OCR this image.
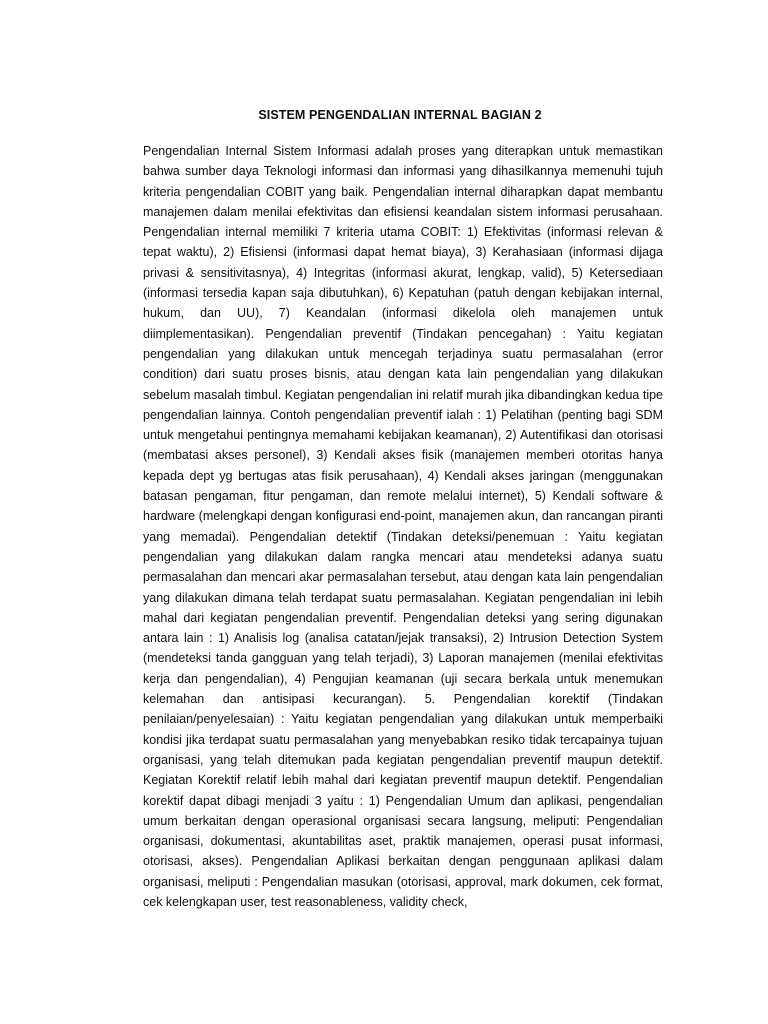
SISTEM PENGENDALIAN INTERNAL BAGIAN 2

Pengendalian Internal Sistem Informasi adalah proses yang diterapkan untuk memastikan bahwa sumber daya Teknologi informasi dan informasi yang dihasilkannya memenuhi tujuh kriteria pengendalian COBIT yang baik. Pengendalian internal diharapkan dapat membantu manajemen dalam menilai efektivitas dan efisiensi keandalan sistem informasi perusahaan. Pengendalian internal memiliki 7 kriteria utama COBIT: 1) Efektivitas (informasi relevan & tepat waktu), 2) Efisiensi (informasi dapat hemat biaya), 3) Kerahasiaan (informasi dijaga privasi & sensitivitasnya), 4) Integritas (informasi akurat, lengkap, valid), 5) Ketersediaan (informasi tersedia kapan saja dibutuhkan), 6) Kepatuhan (patuh dengan kebijakan internal, hukum, dan UU), 7) Keandalan (informasi dikelola oleh manajemen untuk diimplementasikan). Pengendalian preventif (Tindakan pencegahan) : Yaitu kegiatan pengendalian yang dilakukan untuk mencegah terjadinya suatu permasalahan (error condition) dari suatu proses bisnis, atau dengan kata lain pengendalian yang dilakukan sebelum masalah timbul. Kegiatan pengendalian ini relatif murah jika dibandingkan kedua tipe pengendalian lainnya. Contoh pengendalian preventif ialah : 1) Pelatihan (penting bagi SDM untuk mengetahui pentingnya memahami kebijakan keamanan), 2) Autentifikasi dan otorisasi (membatasi akses personel), 3) Kendali akses fisik (manajemen memberi otoritas hanya kepada dept yg bertugas atas fisik perusahaan), 4) Kendali akses jaringan (menggunakan batasan pengaman, fitur pengaman, dan remote melalui internet), 5) Kendali software & hardware (melengkapi dengan konfigurasi end-point, manajemen akun, dan rancangan piranti yang memadai). Pengendalian detektif (Tindakan deteksi/penemuan : Yaitu kegiatan pengendalian yang dilakukan dalam rangka mencari atau mendeteksi adanya suatu permasalahan dan mencari akar permasalahan tersebut, atau dengan kata lain pengendalian yang dilakukan dimana telah terdapat suatu permasalahan. Kegiatan pengendalian ini lebih mahal dari kegiatan pengendalian preventif. Pengendalian deteksi yang sering digunakan antara lain : 1) Analisis log (analisa catatan/jejak transaksi), 2) Intrusion Detection System (mendeteksi tanda gangguan yang telah terjadi), 3) Laporan manajemen (menilai efektivitas kerja dan pengendalian), 4) Pengujian keamanan (uji secara berkala untuk menemukan kelemahan dan antisipasi kecurangan). 5. Pengendalian korektif (Tindakan penilaian/penyelesaian) : Yaitu kegiatan pengendalian yang dilakukan untuk memperbaiki kondisi jika terdapat suatu permasalahan yang menyebabkan resiko tidak tercapainya tujuan organisasi, yang telah ditemukan pada kegiatan pengendalian preventif maupun detektif. Kegiatan Korektif relatif lebih mahal dari kegiatan preventif maupun detektif. Pengendalian korektif dapat dibagi menjadi 3 yaitu : 1) Pengendalian Umum dan aplikasi, pengendalian umum berkaitan dengan operasional organisasi secara langsung, meliputi: Pengendalian organisasi, dokumentasi, akuntabilitas aset, praktik manajemen, operasi pusat informasi, otorisasi, akses). Pengendalian Aplikasi berkaitan dengan penggunaan aplikasi dalam organisasi, meliputi : Pengendalian masukan (otorisasi, approval, mark dokumen, cek format, cek kelengkapan user, test reasonableness, validity check,
